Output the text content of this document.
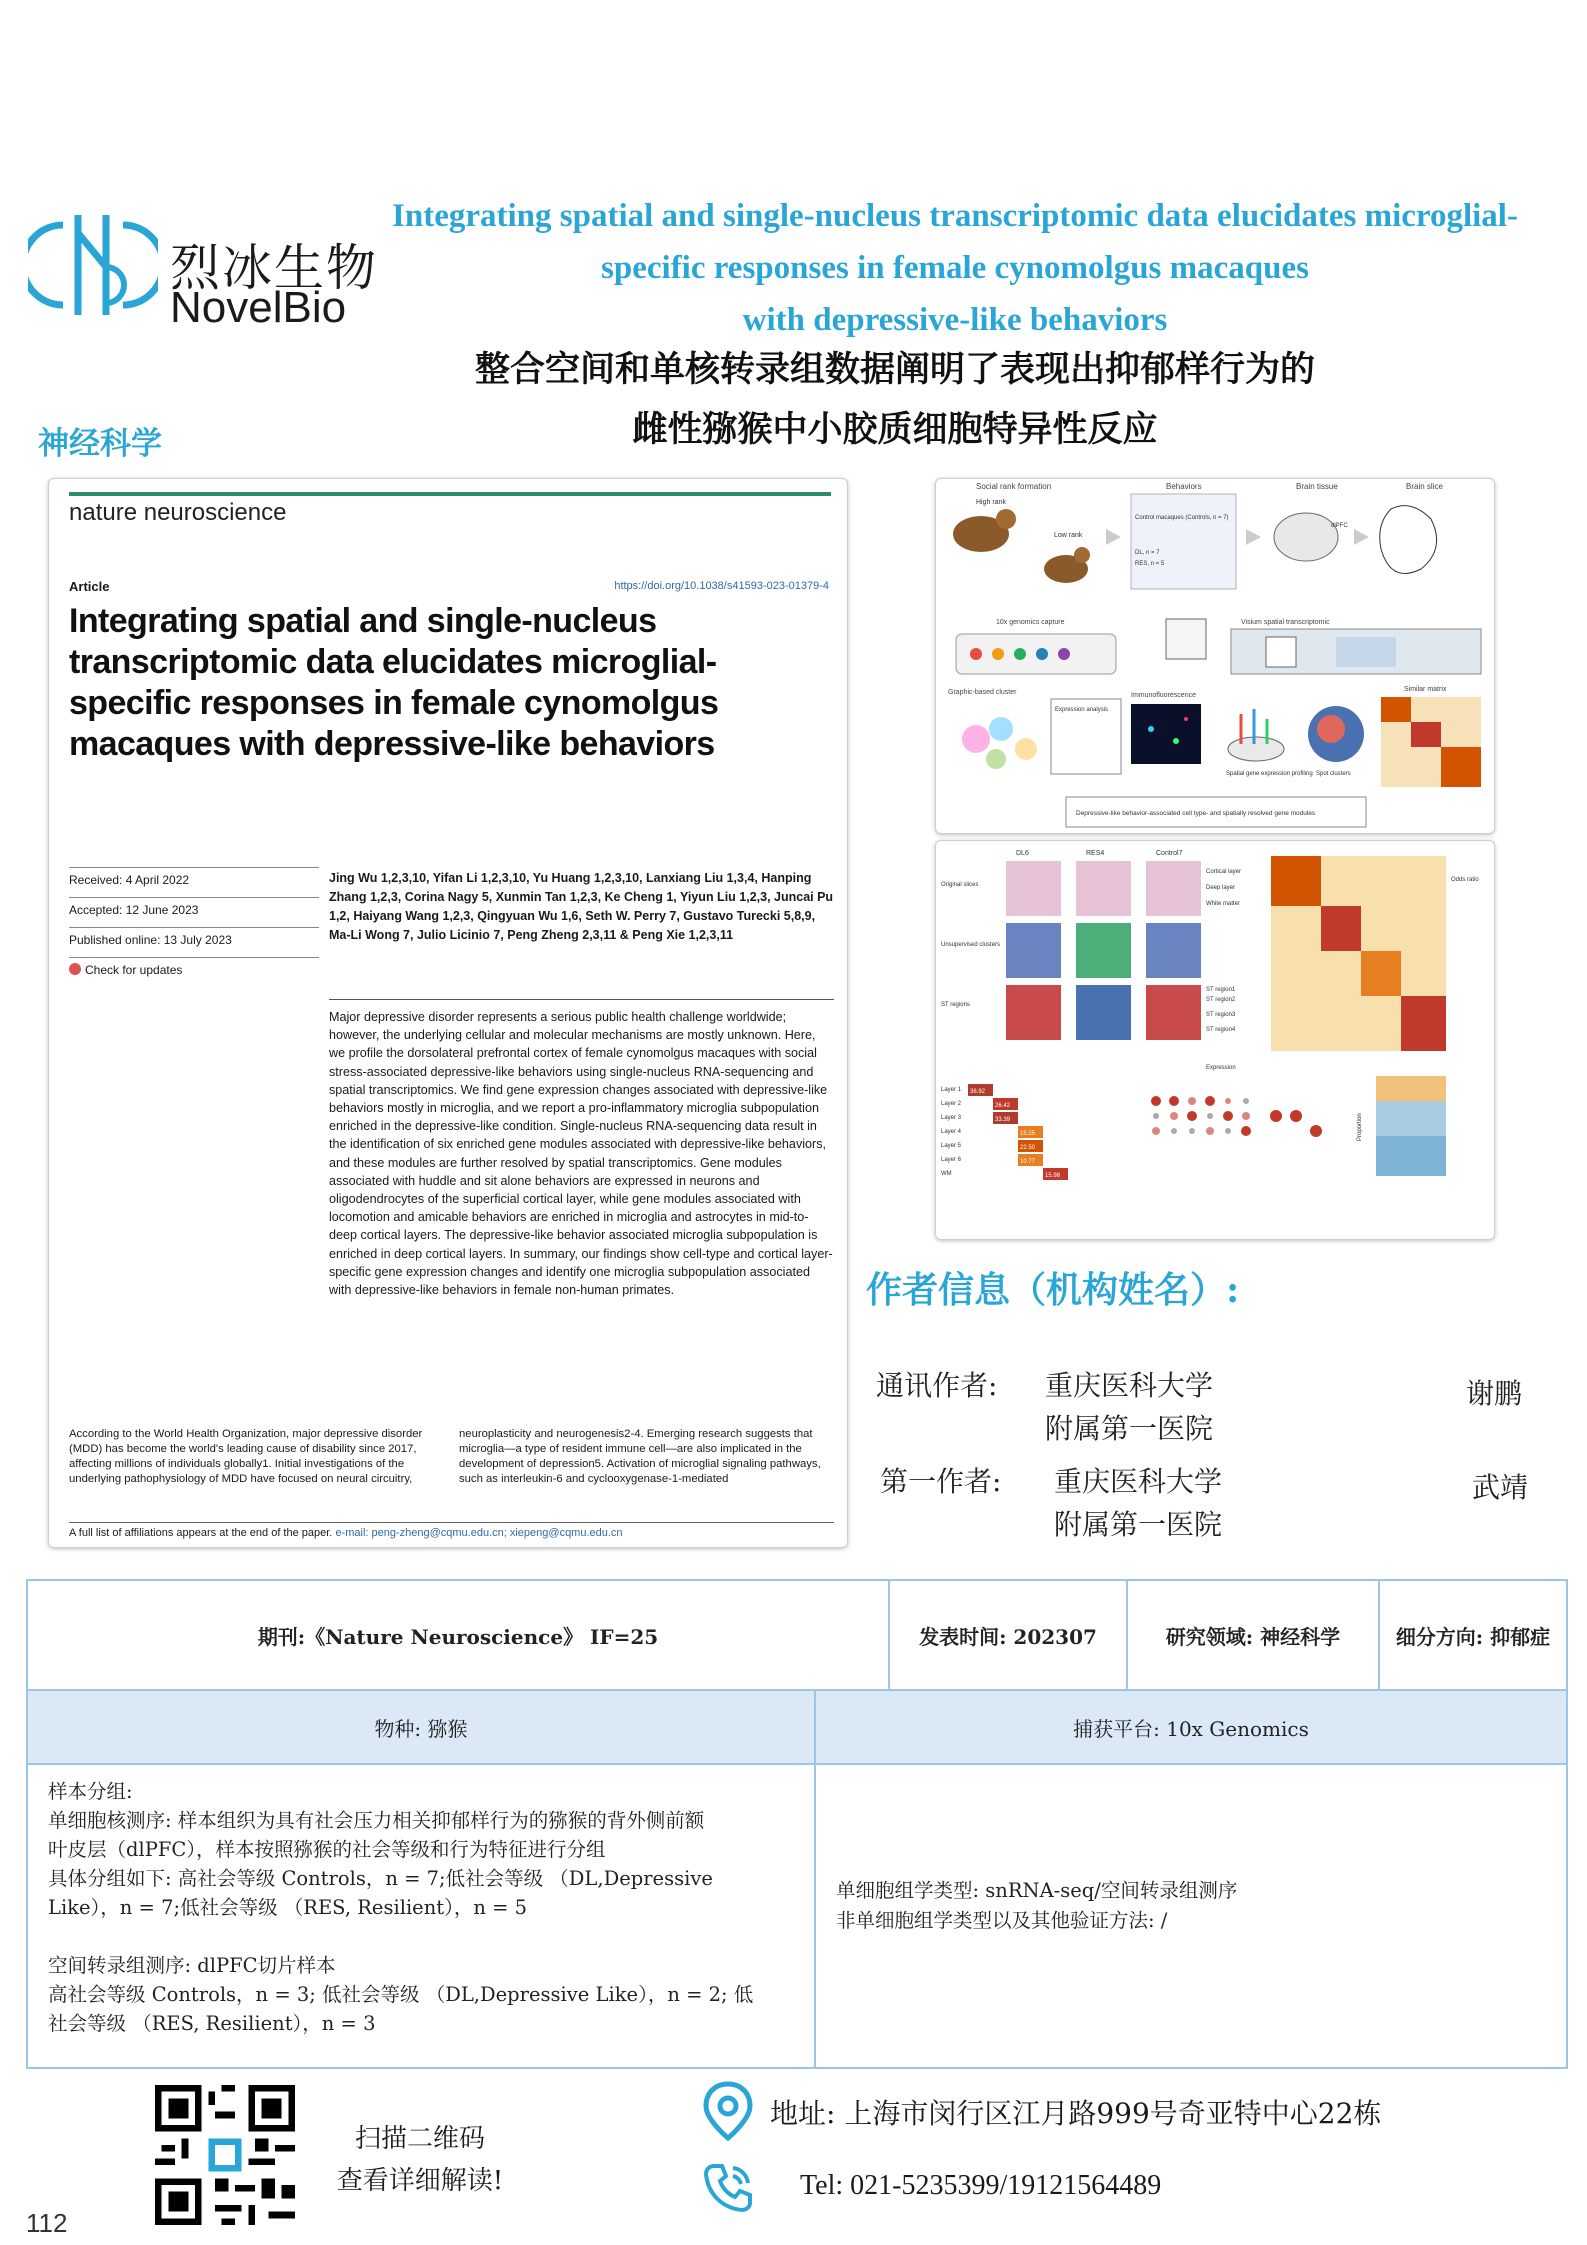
烈冰生物
NovelBio
Integrating spatial and single-nucleus transcriptomic data elucidates microglial-
specific responses in female cynomolgus macaques
with depressive-like behaviors
整合空间和单核转录组数据阐明了表现出抑郁样行为的
雌性猕猴中小胶质细胞特异性反应
神经科学
nature neuroscience
Article	https://doi.org/10.1038/s41593-023-01379-4
Integrating spatial and single-nucleus transcriptomic data elucidates microglial-specific responses in female cynomolgus macaques with depressive-like behaviors
Received: 4 April 2022
Accepted: 12 June 2023
Published online: 13 July 2023
Check for updates
Jing Wu 1,2,3,10, Yifan Li 1,2,3,10, Yu Huang 1,2,3,10, Lanxiang Liu 1,3,4, Hanping Zhang 1,2,3, Corina Nagy 5, Xunmin Tan 1,2,3, Ke Cheng 1, Yiyun Liu 1,2,3, Juncai Pu 1,2, Haiyang Wang 1,2,3, Qingyuan Wu 1,6, Seth W. Perry 7, Gustavo Turecki 5,8,9, Ma-Li Wong 7, Julio Licinio 7, Peng Zheng 2,3,11 & Peng Xie 1,2,3,11
Major depressive disorder represents a serious public health challenge worldwide; however, the underlying cellular and molecular mechanisms are mostly unknown. Here, we profile the dorsolateral prefrontal cortex of female cynomolgus macaques with social stress-associated depressive-like behaviors using single-nucleus RNA-sequencing and spatial transcriptomics. We find gene expression changes associated with depressive-like behaviors mostly in microglia, and we report a pro-inflammatory microglia subpopulation enriched in the depressive-like condition. Single-nucleus RNA-sequencing data result in the identification of six enriched gene modules associated with depressive-like behaviors, and these modules are further resolved by spatial transcriptomics. Gene modules associated with huddle and sit alone behaviors are expressed in neurons and oligodendrocytes of the superficial cortical layer, while gene modules associated with locomotion and amicable behaviors are enriched in microglia and astrocytes in mid-to-deep cortical layers. The depressive-like behavior associated microglia subpopulation is enriched in deep cortical layers. In summary, our findings show cell-type and cortical layer-specific gene expression changes and identify one microglia subpopulation associated with depressive-like behaviors in female non-human primates.
According to the World Health Organization, major depressive disorder (MDD) has become the world's leading cause of disability since 2017, affecting millions of individuals globally1. Initial investigations of the underlying pathophysiology of MDD have focused on neural circuitry,
neuroplasticity and neurogenesis2-4. Emerging research suggests that microglia—a type of resident immune cell—are also implicated in the development of depression5. Activation of microglial signaling pathways, such as interleukin-6 and cyclooxygenase-1-mediated
A full list of affiliations appears at the end of the paper. e-mail: peng-zheng@cqmu.edu.cn; xiepeng@cqmu.edu.cn
Social rank formation	Behaviors	Brain tissue	Brain slice
High rank
Low rank
Control macaques (Controls, n = 7)
DL, n = 7
RES, n = 5
dlPFC
10x genomics capture	Visium spatial transcriptomic
Graphic-based cluster
Expression analysis
Immunofluorescence
Spatial gene expression profiling Spot clusters
Similar matrix
Depressive-like behavior-associated cell type- and spatially resolved gene modules
DL6	RES4	Control7
Original slices
Unsupervised clusters
ST regions
Cortical layer
Deep layer
White matter
ST region1
ST region2
ST region3
ST region4
Odds ratio
Layer 1
Layer 2
Layer 3
Layer 4
Layer 5
Layer 6
WM
36.92
26.42
33.39
15.25
22.50
10.77
15.98
Expression
Proportion
作者信息（机构姓名）:
通讯作者: 重庆医科大学
附属第一医院
谢鹏
第一作者: 重庆医科大学
附属第一医院
武靖
期刊:《Nature Neuroscience》 IF=25	发表时间: 202307	研究领域: 神经科学	细分方向: 抑郁症
物种: 猕猴	捕获平台: 10x Genomics
样本分组:
单细胞核测序: 样本组织为具有社会压力相关抑郁样行为的猕猴的背外侧前额
叶皮层（dlPFC），样本按照猕猴的社会等级和行为特征进行分组
具体分组如下: 高社会等级 Controls，n = 7;低社会等级 （DL,Depressive
Like），n = 7;低社会等级 （RES, Resilient），n = 5
空间转录组测序: dlPFC切片样本
高社会等级 Controls，n = 3; 低社会等级 （DL,Depressive Like），n = 2; 低
社会等级 （RES, Resilient），n = 3
单细胞组学类型: snRNA-seq/空间转录组测序
非单细胞组学类型以及其他验证方法: /
扫描二维码
查看详细解读!
地址: 上海市闵行区江月路999号奇亚特中心22栋
Tel: 021-5235399/19121564489
112
